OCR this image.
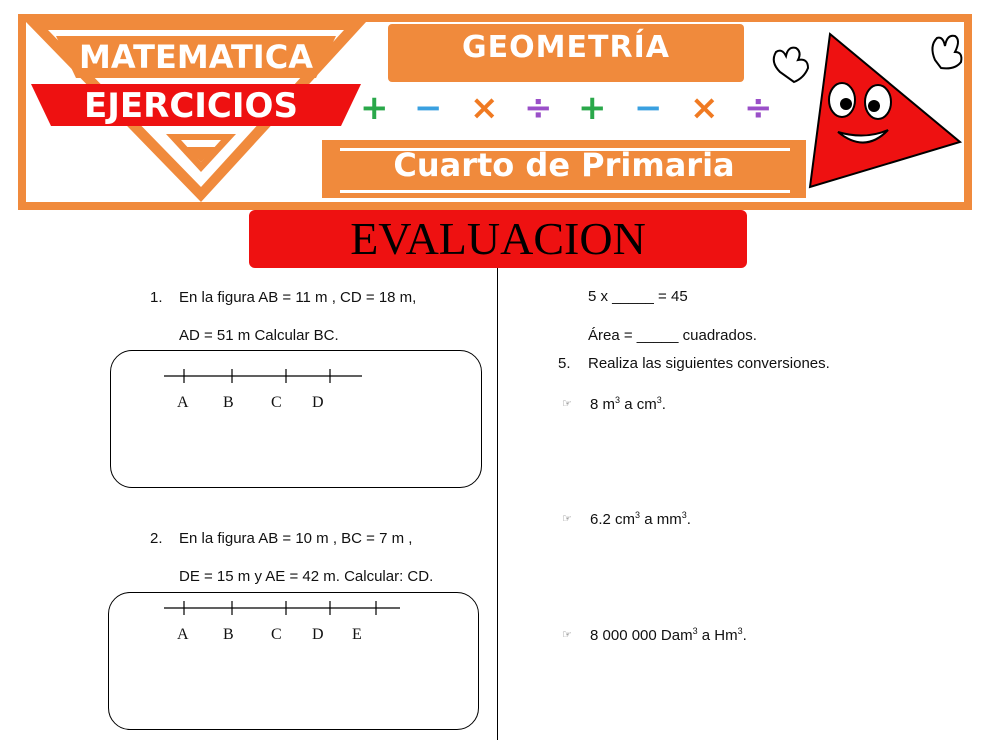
MATEMATICA
EJERCICIOS
GEOMETRÍA
+ − × ÷ + − × ÷
Cuarto de Primaria
EVALUACION
1. En la figura AB = 11 m , CD = 18 m,
AD = 51 m Calcular BC.
A B C D
2. En la figura AB = 10 m , BC = 7 m ,
DE = 15 m y AE = 42 m. Calcular: CD.
A B C D E
5 x _____ = 45
Área = _____ cuadrados.
5. Realiza las siguientes conversiones.
☞ 8 $m^3$ a $cm^3$.
☞ 6.2 $cm^3$ a $mm^3$.
☞ 8 000 000 Dam$^3$ a Hm$^3$.
